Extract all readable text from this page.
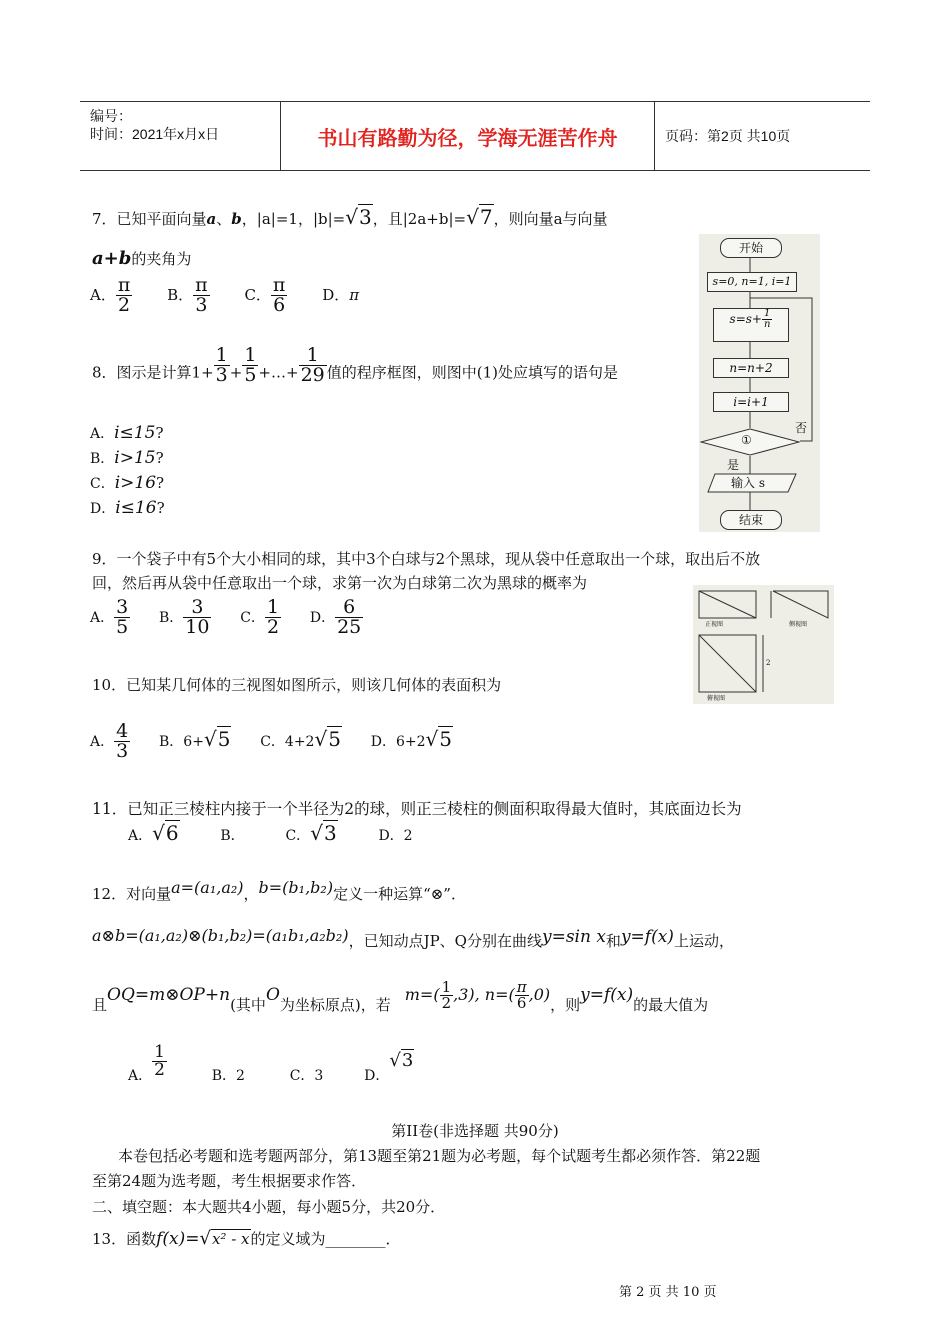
编号：
时间：2021年x月x日	书山有路勤为径，学海无涯苦作舟	页码：第2页 共10页
7．已知平面向量a、b，|a|=1，|b|=√3，且|2a+b|=√7，则向量a与向量
a+b的夹角为
A． $\frac{\pi}{2}$ B． $\frac{\pi}{3}$ C． $\frac{\pi}{6}$ D．π
开始
s=0, n=1, i=1
$s=s+ \frac{1}{n}$
n=n+2
i=i+1
①
否
是
输入 s
结束
8．图示是计算$1+ \frac{1}{3} + \frac{1}{5}$ +…+ $\frac{1}{29}$ 值的程序框图，则图中(1)处应填写的语句是
A．i≤15?
B．i>15?
C．i>16?
D．i≤16?
9．一个袋子中有5个大小相同的球，其中3个白球与2个黑球，现从袋中任意取出一个球，取出后不放
回，然后再从袋中任意取出一个球，求第一次为白球第二次为黑球的概率为
A． $\frac{3}{5}$ B． $\frac{3}{10}$ C． $\frac{1}{2}$ D． $\frac{6}{25}$	正视图	侧视图
俯视图
2
10．已知某几何体的三视图如图所示，则该几何体的表面积为
A． $\frac{4}{3}$ B．6+√5 C．4+2√5 D．6+2√5
11．已知正三棱柱内接于一个半径为2的球，则正三棱柱的侧面积取得最大值时，其底面边长为
A．√6	B．	C．√3	D．2
12．对向量a=(a₁,a₂)，b=(b₁,b₂)定义一种运算“⊗”．
a⊗b=(a₁,a₂)⊗(b₁,b₂)=(a₁b₁,a₂b₂)，已知动点JP、Q分别在曲线y=sin x和y=f(x)上运动，
且OQ=m⊗OP+n(其中O为坐标原点)，若$m=( \frac{1}{2} ,3)$, $n=( \frac{\pi}{6} ,0)$，则y=f(x)的最大值为
A． $\frac{1}{2}$	B．2	C．3	D．√3
第II卷(非选择题 共90分)
本卷包括必考题和选考题两部分，第13题至第21题为必考题，每个试题考生都必须作答．第22题
至第24题为选考题，考生根据要求作答．
二、填空题：本大题共4小题，每小题5分，共20分．
13．函数f(x)=√x² - x的定义域为________．
第 2 页 共 10 页
